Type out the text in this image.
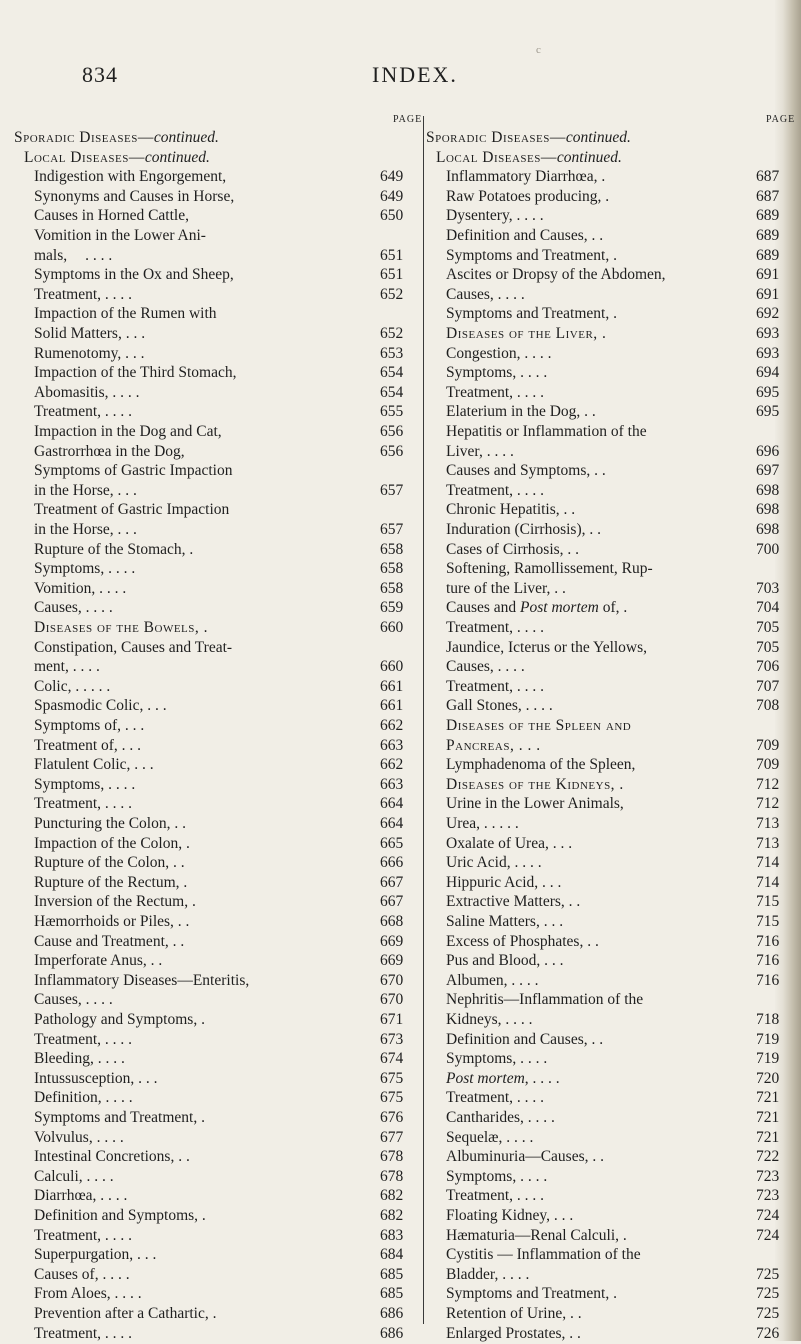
c
834	INDEX.
PAGE
Sporadic Diseases—continued.
Local Diseases—continued.
Indigestion with Engorgement,	649
Synonyms and Causes in Horse,	649
Causes in Horned Cattle,	650
Vomition in the Lower Ani-
mals, . . . .	651
Symptoms in the Ox and Sheep,	651
Treatment, . . . .	652
Impaction of the Rumen with
Solid Matters, . . .	652
Rumenotomy, . . .	653
Impaction of the Third Stomach,	654
Abomasitis, . . . .	654
Treatment, . . . .	655
Impaction in the Dog and Cat,	656
Gastrorrhœa in the Dog,	656
Symptoms of Gastric Impaction
in the Horse, . . .	657
Treatment of Gastric Impaction
in the Horse, . . .	657
Rupture of the Stomach, .	658
Symptoms, . . . .	658
Vomition, . . . .	658
Causes, . . . .	659
Diseases of the Bowels, .	660
Constipation, Causes and Treat-
ment, . . . .	660
Colic, . . . . .	661
Spasmodic Colic, . . .	661
Symptoms of, . . .	662
Treatment of, . . .	663
Flatulent Colic, . . .	662
Symptoms, . . . .	663
Treatment, . . . .	664
Puncturing the Colon, . .	664
Impaction of the Colon, .	665
Rupture of the Colon, . .	666
Rupture of the Rectum, .	667
Inversion of the Rectum, .	667
Hæmorrhoids or Piles, . .	668
Cause and Treatment, . .	669
Imperforate Anus, . .	669
Inflammatory Diseases—Enteritis,	670
Causes, . . . .	670
Pathology and Symptoms, .	671
Treatment, . . . .	673
Bleeding, . . . .	674
Intussusception, . . .	675
Definition, . . . .	675
Symptoms and Treatment, .	676
Volvulus, . . . .	677
Intestinal Concretions, . .	678
Calculi, . . . .	678
Diarrhœa, . . . .	682
Definition and Symptoms, .	682
Treatment, . . . .	683
Superpurgation, . . .	684
Causes of, . . . .	685
From Aloes, . . . .	685
Prevention after a Cathartic, .	686
Treatment, . . . .	686
PAGE
Sporadic Diseases—continued.
Local Diseases—continued.
Inflammatory Diarrhœa, .	687
Raw Potatoes producing, .	687
Dysentery, . . . .	689
Definition and Causes, . .	689
Symptoms and Treatment, .	689
Ascites or Dropsy of the Abdomen,	691
Causes, . . . .	691
Symptoms and Treatment, .	692
Diseases of the Liver, .	693
Congestion, . . . .	693
Symptoms, . . . .	694
Treatment, . . . .	695
Elaterium in the Dog, . .	695
Hepatitis or Inflammation of the
Liver, . . . .	696
Causes and Symptoms, . .	697
Treatment, . . . .	698
Chronic Hepatitis, . .	698
Induration (Cirrhosis), . .	698
Cases of Cirrhosis, . .	700
Softening, Ramollissement, Rup-
ture of the Liver, . .	703
Causes and Post mortem of, .	704
Treatment, . . . .	705
Jaundice, Icterus or the Yellows,	705
Causes, . . . .	706
Treatment, . . . .	707
Gall Stones, . . . .	708
Diseases of the Spleen and
Pancreas, . . .	709
Lymphadenoma of the Spleen,	709
Diseases of the Kidneys, .	712
Urine in the Lower Animals,	712
Urea, . . . . .	713
Oxalate of Urea, . . .	713
Uric Acid, . . . .	714
Hippuric Acid, . . .	714
Extractive Matters, . .	715
Saline Matters, . . .	715
Excess of Phosphates, . .	716
Pus and Blood, . . .	716
Albumen, . . . .	716
Nephritis—Inflammation of the
Kidneys, . . . .	718
Definition and Causes, . .	719
Symptoms, . . . .	719
Post mortem, . . . .	720
Treatment, . . . .	721
Cantharides, . . . .	721
Sequelæ, . . . .	721
Albuminuria—Causes, . .	722
Symptoms, . . . .	723
Treatment, . . . .	723
Floating Kidney, . . .	724
Hæmaturia—Renal Calculi, .	724
Cystitis — Inflammation of the
Bladder, . . . .	725
Symptoms and Treatment, .	725
Retention of Urine, . .	725
Enlarged Prostates, . .	726
